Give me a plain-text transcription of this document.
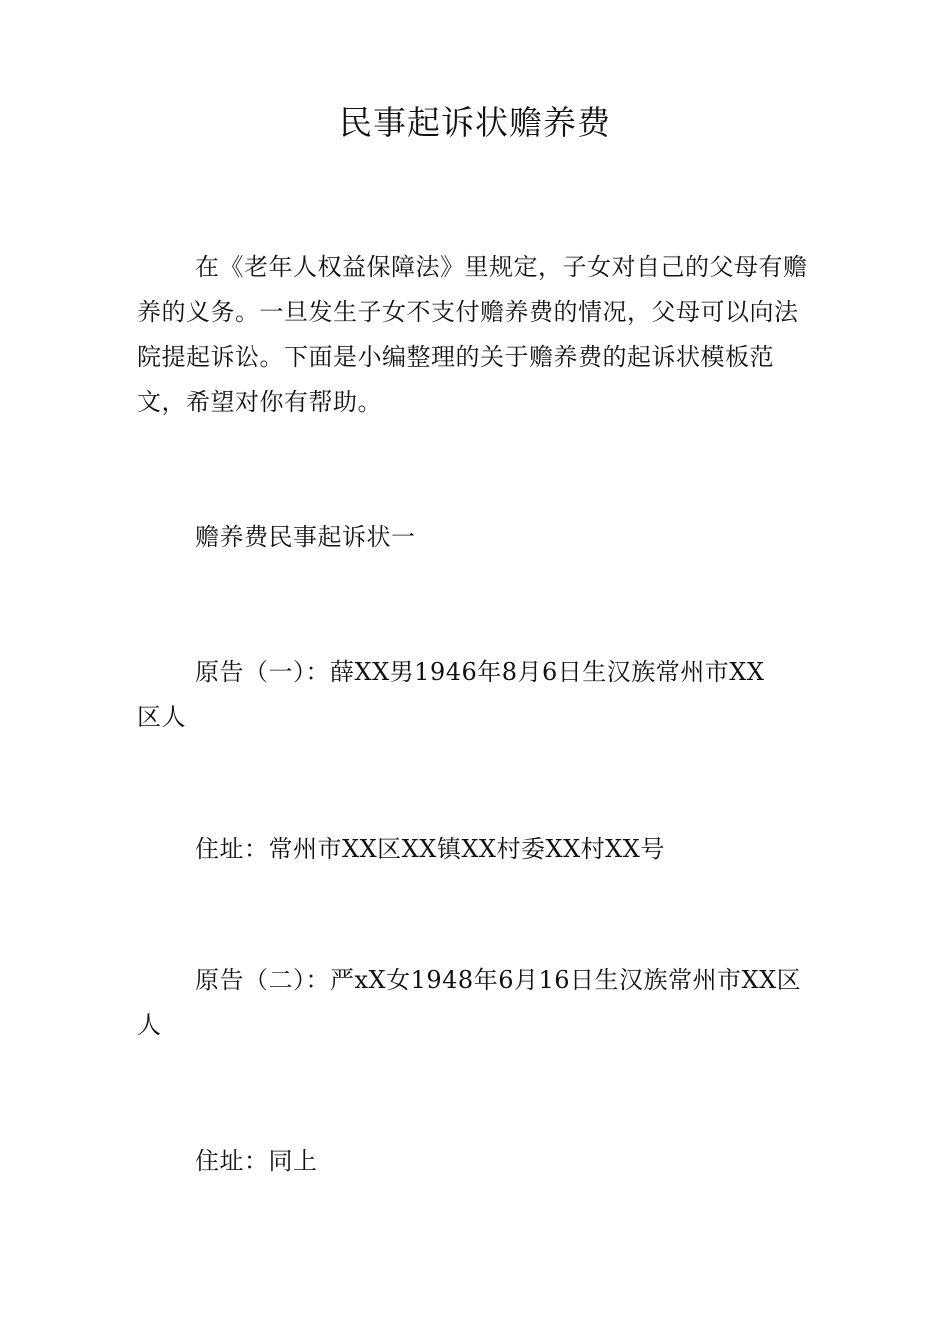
民事起诉状赡养费

在《老年人权益保障法》里规定，子女对自己的父母有赡养的义务。一旦发生子女不支付赡养费的情况，父母可以向法院提起诉讼。下面是小编整理的关于赡养费的起诉状模板范文，希望对你有帮助。

赡养费民事起诉状一

原告（一）：薛XX男1946年8月6日生汉族常州市XX区人

住址：常州市XX区XX镇XX村委XX村XX号

原告（二）：严xX女1948年6月16日生汉族常州市XX区人

住址：同上
